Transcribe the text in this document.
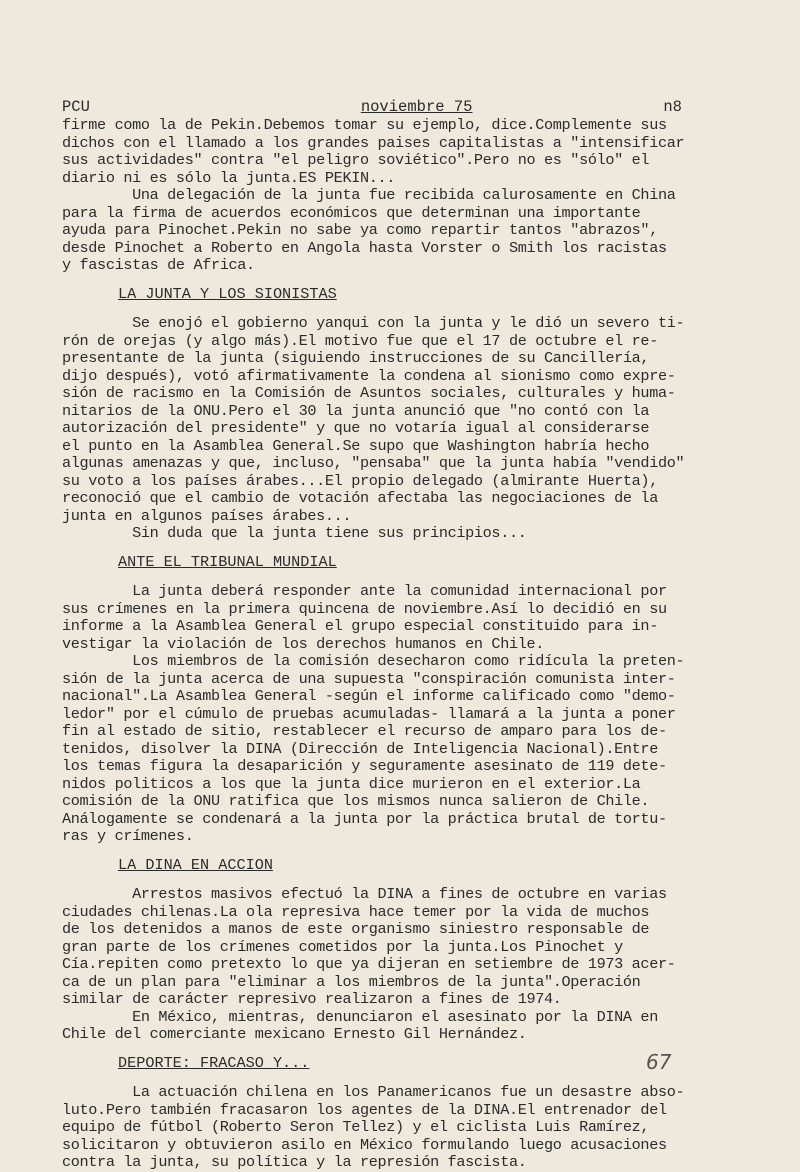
PCU	noviembre 75	n8
firme como la de Pekin.Debemos tomar su ejemplo, dice.Complemente sus
dichos con el llamado a los grandes paises capitalistas a "intensificar
sus actividades" contra "el peligro soviético".Pero no es "sólo" el
diario ni es sólo la junta.ES PEKIN...
Una delegación de la junta fue recibida calurosamente en China
para la firma de acuerdos económicos que determinan una importante
ayuda para Pinochet.Pekin no sabe ya como repartir tantos "abrazos",
desde Pinochet a Roberto en Angola hasta Vorster o Smith los racistas
y fascistas de Africa.
LA JUNTA Y LOS SIONISTAS
Se enojó el gobierno yanqui con la junta y le dió un severo ti-
rón de orejas (y algo más).El motivo fue que el 17 de octubre el re-
presentante de la junta (siguiendo instrucciones de su Cancillería,
dijo después), votó afirmativamente la condena al sionismo como expre-
sión de racismo en la Comisión de Asuntos sociales, culturales y huma-
nitarios de la ONU.Pero el 30 la junta anunció que "no contó con la
autorización del presidente" y que no votaría igual al considerarse
el punto en la Asamblea General.Se supo que Washington habría hecho
algunas amenazas y que, incluso, "pensaba" que la junta había "vendido"
su voto a los países árabes...El propio delegado (almirante Huerta),
reconoció que el cambio de votación afectaba las negociaciones de la
junta en algunos países árabes...
Sin duda que la junta tiene sus principios...
ANTE EL TRIBUNAL MUNDIAL
La junta deberá responder ante la comunidad internacional por
sus crímenes en la primera quincena de noviembre.Así lo decidió en su
informe a la Asamblea General el grupo especial constituido para in-
vestigar la violación de los derechos humanos en Chile.
Los miembros de la comisión desecharon como ridícula la preten-
sión de la junta acerca de una supuesta "conspiración comunista inter-
nacional".La Asamblea General -según el informe calificado como "demo-
ledor" por el cúmulo de pruebas acumuladas- llamará a la junta a poner
fin al estado de sitio, restablecer el recurso de amparo para los de-
tenidos, disolver la DINA (Dirección de Inteligencia Nacional).Entre
los temas figura la desaparición y seguramente asesinato de 119 dete-
nidos politicos a los que la junta dice murieron en el exterior.La
comisión de la ONU ratifica que los mismos nunca salieron de Chile.
Análogamente se condenará a la junta por la práctica brutal de tortu-
ras y crímenes.
LA DINA EN ACCION
Arrestos masivos efectuó la DINA a fines de octubre en varias
ciudades chilenas.La ola represiva hace temer por la vida de muchos
de los detenidos a manos de este organismo siniestro responsable de
gran parte de los crímenes cometidos por la junta.Los Pinochet y
Cía.repiten como pretexto lo que ya dijeran en setiembre de 1973 acer-
ca de un plan para "eliminar a los miembros de la junta".Operación
similar de carácter represivo realizaron a fines de 1974.
En México, mientras, denunciaron el asesinato por la DINA en
Chile del comerciante mexicano Ernesto Gil Hernández.
DEPORTE: FRACASO Y...
La actuación chilena en los Panamericanos fue un desastre abso-
luto.Pero también fracasaron los agentes de la DINA.El entrenador del
equipo de fútbol (Roberto Seron Tellez) y el ciclista Luis Ramírez,
solicitaron y obtuvieron asilo en México formulando luego acusaciones
contra la junta, su política y la represión fascista.
67
